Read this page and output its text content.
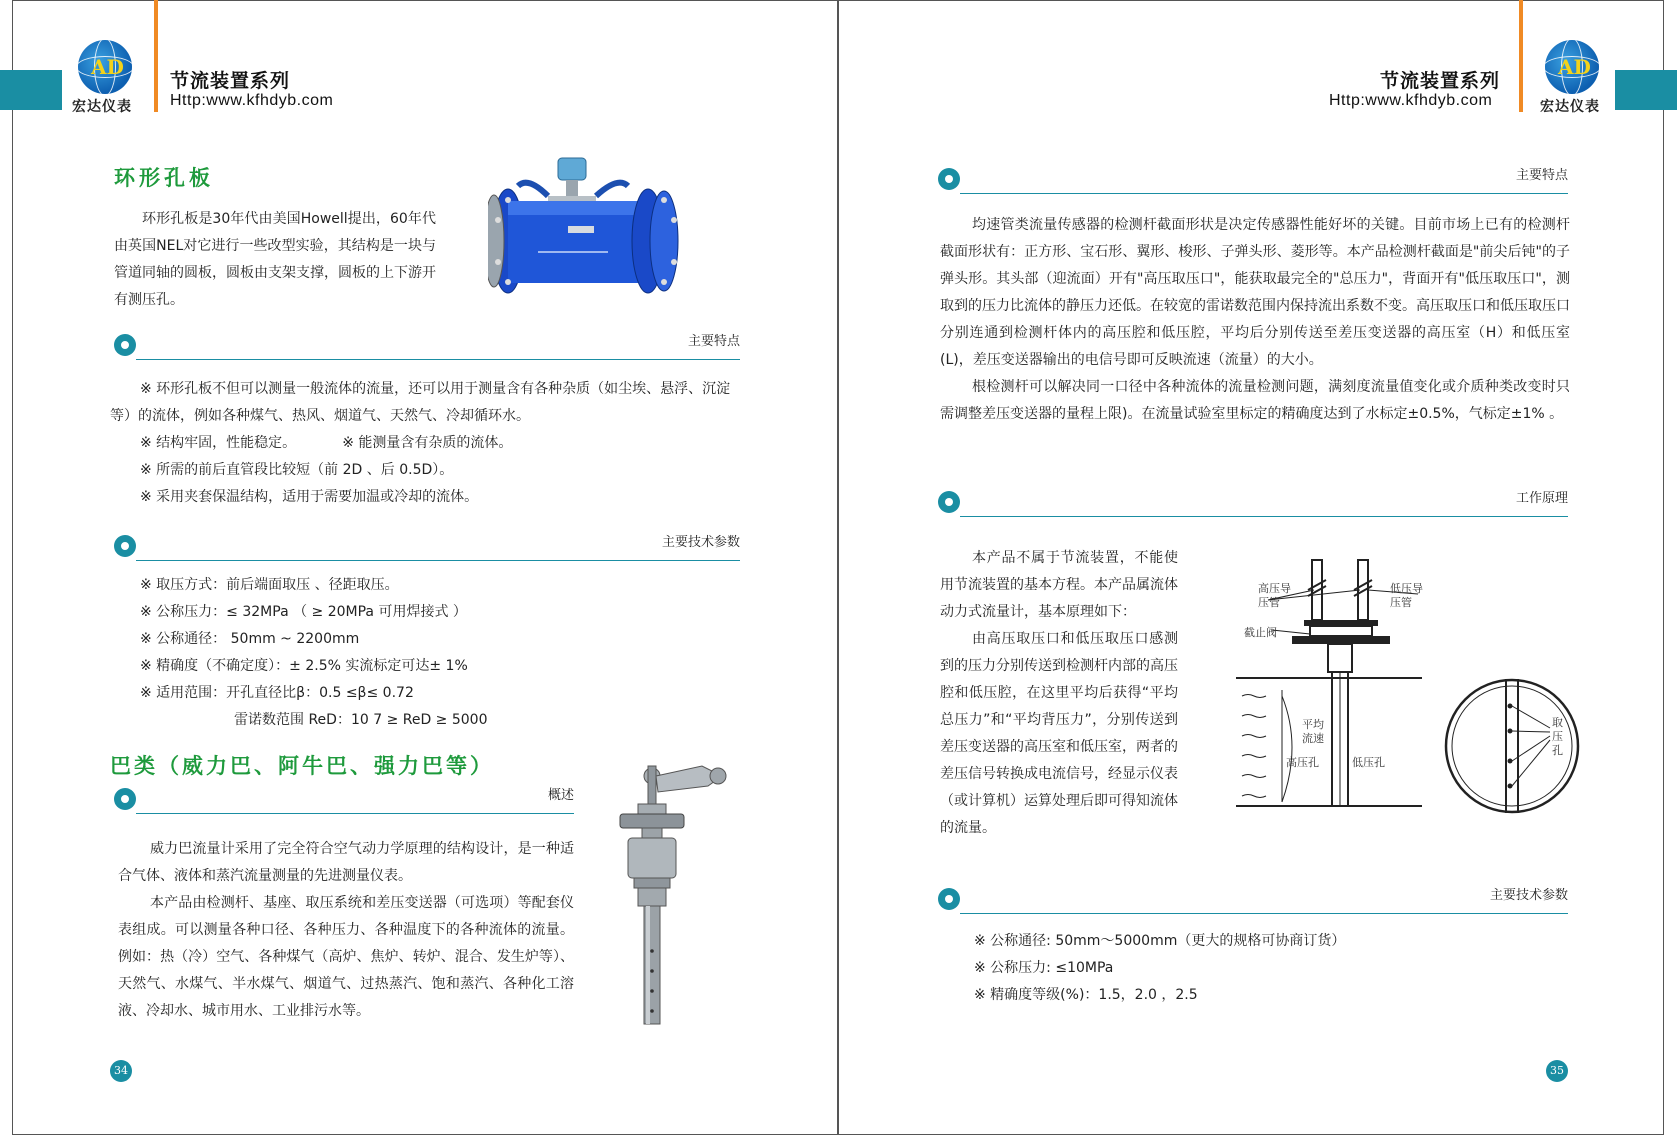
AD
宏达仪表
节流装置系列
Http:www.kfhdyb.com
AD
宏达仪表
节流装置系列
Http:www.kfhdyb.com
环形孔板

环形孔板是30年代由美国Howell提出，60年代由英国NEL对它进行一些改型实验，其结构是一块与管道同轴的圆板，圆板由支架支撑，圆板的上下游开有测压孔。

主要特点

※ 环形孔板不但可以测量一般流体的流量，还可以用于测量含有各种杂质（如尘埃、悬浮、沉淀等）的流体，例如各种煤气、热风、烟道气、天然气、冷却循环水。

※ 结构牢固，性能稳定。	※ 能测量含有杂质的流体。

※ 所需的前后直管段比较短（前 2D 、后 0.5D）。

※ 采用夹套保温结构，适用于需要加温或冷却的流体。

主要技术参数

※ 取压方式：前后端面取压 、径距取压。

※ 公称压力：≤ 32MPa （ ≥ 20MPa 可用焊接式 ）

※ 公称通径： 50mm ~ 2200mm

※ 精确度（不确定度）：± 2.5% 实流标定可达± 1%

※ 适用范围：开孔直径比β：0.5 ≤β≤ 0.72

雷诺数范围 ReD：10 7 ≥ ReD ≥ 5000

巴类（威力巴、阿牛巴、强力巴等）
概述

威力巴流量计采用了完全符合空气动力学原理的结构设计，是一种适合气体、液体和蒸汽流量测量的先进测量仪表。

本产品由检测杆、基座、取压系统和差压变送器（可选项）等配套仪表组成。可以测量各种口径、各种压力、各种温度下的各种流体的流量。例如：热（冷）空气、各种煤气（高炉、焦炉、转炉、混合、发生炉等）、天然气、水煤气、半水煤气、烟道气、过热蒸汽、饱和蒸汽、各种化工溶液、冷却水、城市用水、工业排污水等。

34
主要特点

均速管类流量传感器的检测杆截面形状是决定传感器性能好坏的关键。目前市场上已有的检测杆截面形状有：正方形、宝石形、翼形、梭形、子弹头形、菱形等。本产品检测杆截面是"前尖后钝"的子弹头形。其头部（迎流面）开有"高压取压口"，能获取最完全的"总压力"，背面开有"低压取压口"，测取到的压力比流体的静压力还低。在较宽的雷诺数范围内保持流出系数不变。高压取压口和低压取压口分别连通到检测杆体内的高压腔和低压腔，平均后分别传送至差压变送器的高压室（H）和低压室(L)，差压变送器输出的电信号即可反映流速（流量）的大小。

根检测杆可以解决同一口径中各种流体的流量检测问题，满刻度流量值变化或介质种类改变时只需调整差压变送器的量程上限)。在流量试验室里标定的精确度达到了水标定±0.5%，气标定±1% 。

工作原理

本产品不属于节流装置，不能使用节流装置的基本方程。本产品属流体动力式流量计，基本原理如下：

由高压取压口和低压取压口感测到的压力分别传送到检测杆内部的高压腔和低压腔，在这里平均后获得“平均总压力”和“平均背压力”，分别传送到差压变送器的高压室和低压室，两者的差压信号转换成电流信号，经显示仪表（或计算机）运算处理后即可得知流体的流量。

高压导压管
低压导压管
截止阀
平均流速
高压孔	低压孔
取压孔
主要技术参数

※ 公称通径: 50mm～5000mm（更大的规格可协商订货）

※ 公称压力: ≤10MPa

※ 精确度等级(%)：1.5，2.0 ，2.5

35
